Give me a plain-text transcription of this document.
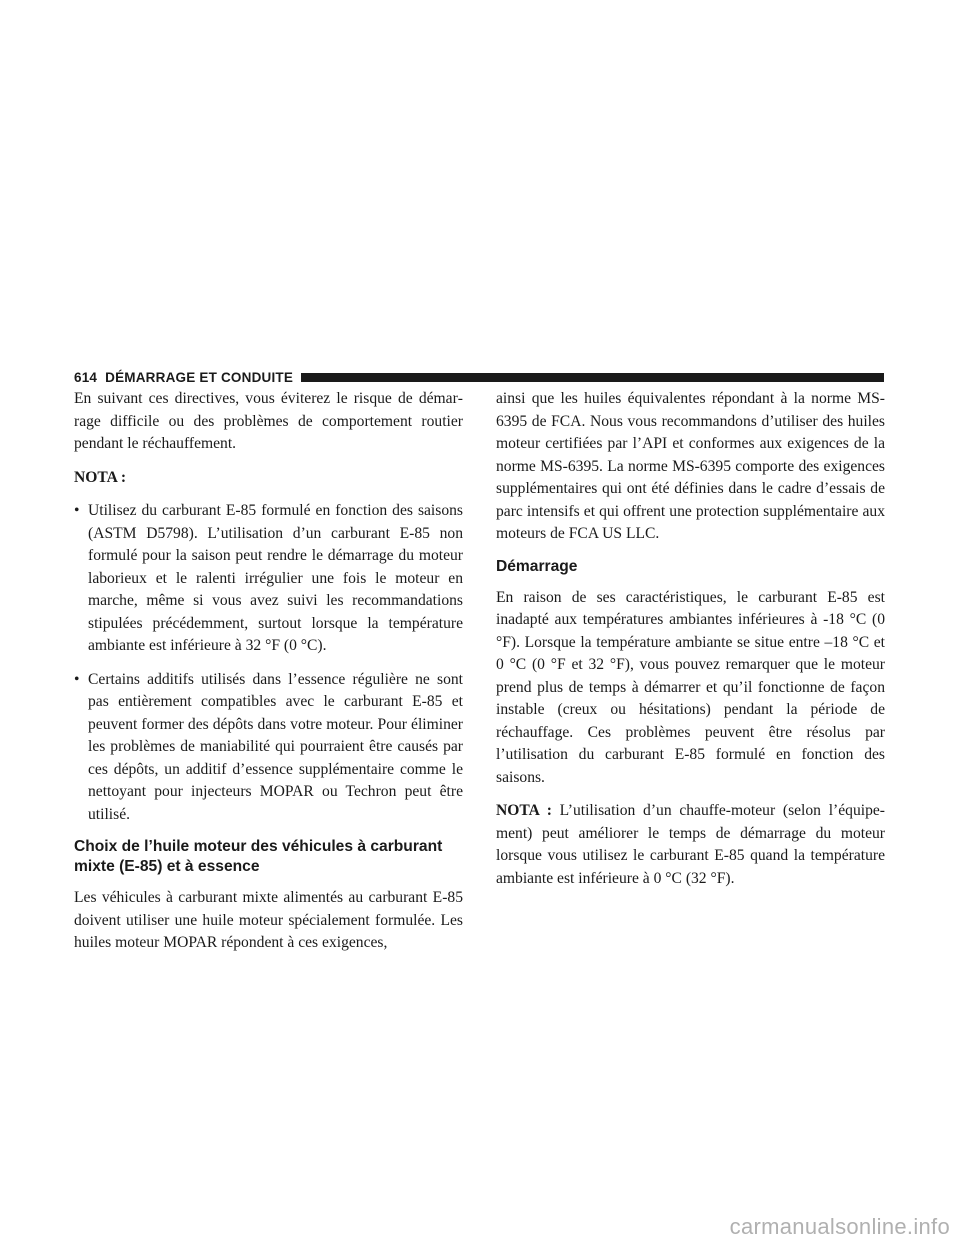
614 DÉMARRAGE ET CONDUITE

En suivant ces directives, vous éviterez le risque de démarrage difficile ou des problèmes de comportement routier pendant le réchauffement.

NOTA :

• Utilisez du carburant E-85 formulé en fonction des saisons (ASTM D5798). L’utilisation d’un carburant E-85 non formulé pour la saison peut rendre le démarrage du moteur laborieux et le ralenti irrégulier une fois le moteur en marche, même si vous avez suivi les recommandations stipulées précédemment, surtout lorsque la température ambiante est inférieure à 32 °F (0 °C).
• Certains additifs utilisés dans l’essence régulière ne sont pas entièrement compatibles avec le carburant E-85 et peuvent former des dépôts dans votre moteur. Pour éliminer les problèmes de maniabilité qui pourraient être causés par ces dépôts, un additif d’essence supplémentaire comme le nettoyant pour injecteurs MOPAR ou Techron peut être utilisé.
Choix de l’huile moteur des véhicules à carburant mixte (E-85) et à essence

Les véhicules à carburant mixte alimentés au carburant E-85 doivent utiliser une huile moteur spécialement formulée. Les huiles moteur MOPAR répondent à ces exigences,

ainsi que les huiles équivalentes répondant à la norme MS-6395 de FCA. Nous vous recommandons d’utiliser des huiles moteur certifiées par l’API et conformes aux exigences de la norme MS-6395. La norme MS-6395 comporte des exigences supplémentaires qui ont été définies dans le cadre d’essais de parc intensifs et qui offrent une protection supplémentaire aux moteurs de FCA US LLC.

Démarrage

En raison de ses caractéristiques, le carburant E-85 est inadapté aux températures ambiantes inférieures à -18 °C (0 °F). Lorsque la température ambiante se situe entre –18 °C et 0 °C (0 °F et 32 °F), vous pouvez remarquer que le moteur prend plus de temps à démarrer et qu’il fonctionne de façon instable (creux ou hésitations) pendant la période de réchauffage. Ces problèmes peuvent être résolus par l’utilisation du carburant E-85 formulé en fonction des saisons.

NOTA : L’utilisation d’un chauffe-moteur (selon l’équipement) peut améliorer le temps de démarrage du moteur lorsque vous utilisez le carburant E-85 quand la température ambiante est inférieure à 0 °C (32 °F).

carmanualsonline.info
